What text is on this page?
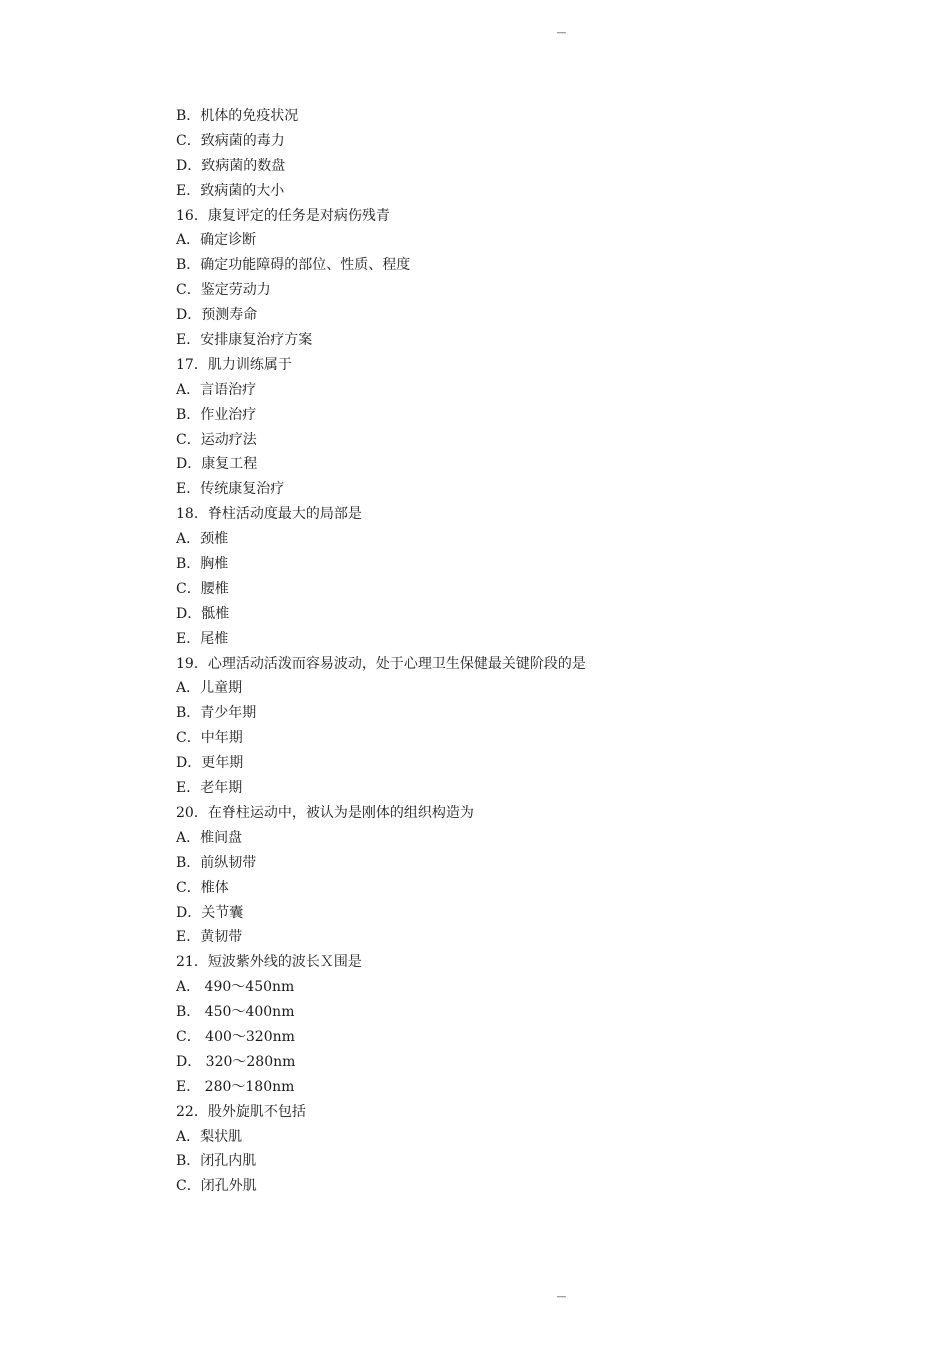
----
B．机体的免疫状况
C．致病菌的毒力
D．致病菌的数盘
E．致病菌的大小
16．康复评定的任务是对病伤残青
A．确定诊断
B．确定功能障碍的部位、性质、程度
C．鉴定劳动力
D．预测寿命
E．安排康复治疗方案
17．肌力训练属于
A．言语治疗
B．作业治疗
C．运动疗法
D．康复工程
E．传统康复治疗
18．脊柱活动度最大的局部是
A．颈椎
B．胸椎
C．腰椎
D．骶椎
E．尾椎
19．心理活动活泼而容易波动，处于心理卫生保健最关键阶段的是
A．儿童期
B．青少年期
C．中年期
D．更年期
E．老年期
20．在脊柱运动中，被认为是刚体的组织构造为
A．椎间盘
B．前纵韧带
C．椎体
D．关节囊
E．黄韧带
21．短波紫外线的波长Ｘ围是
A． 490～450nm
B． 450～400nm
C． 400～320nm
D． 320～280nm
E． 280～180nm
22．股外旋肌不包括
A．梨状肌
B．闭孔内肌
C．闭孔外肌
----
